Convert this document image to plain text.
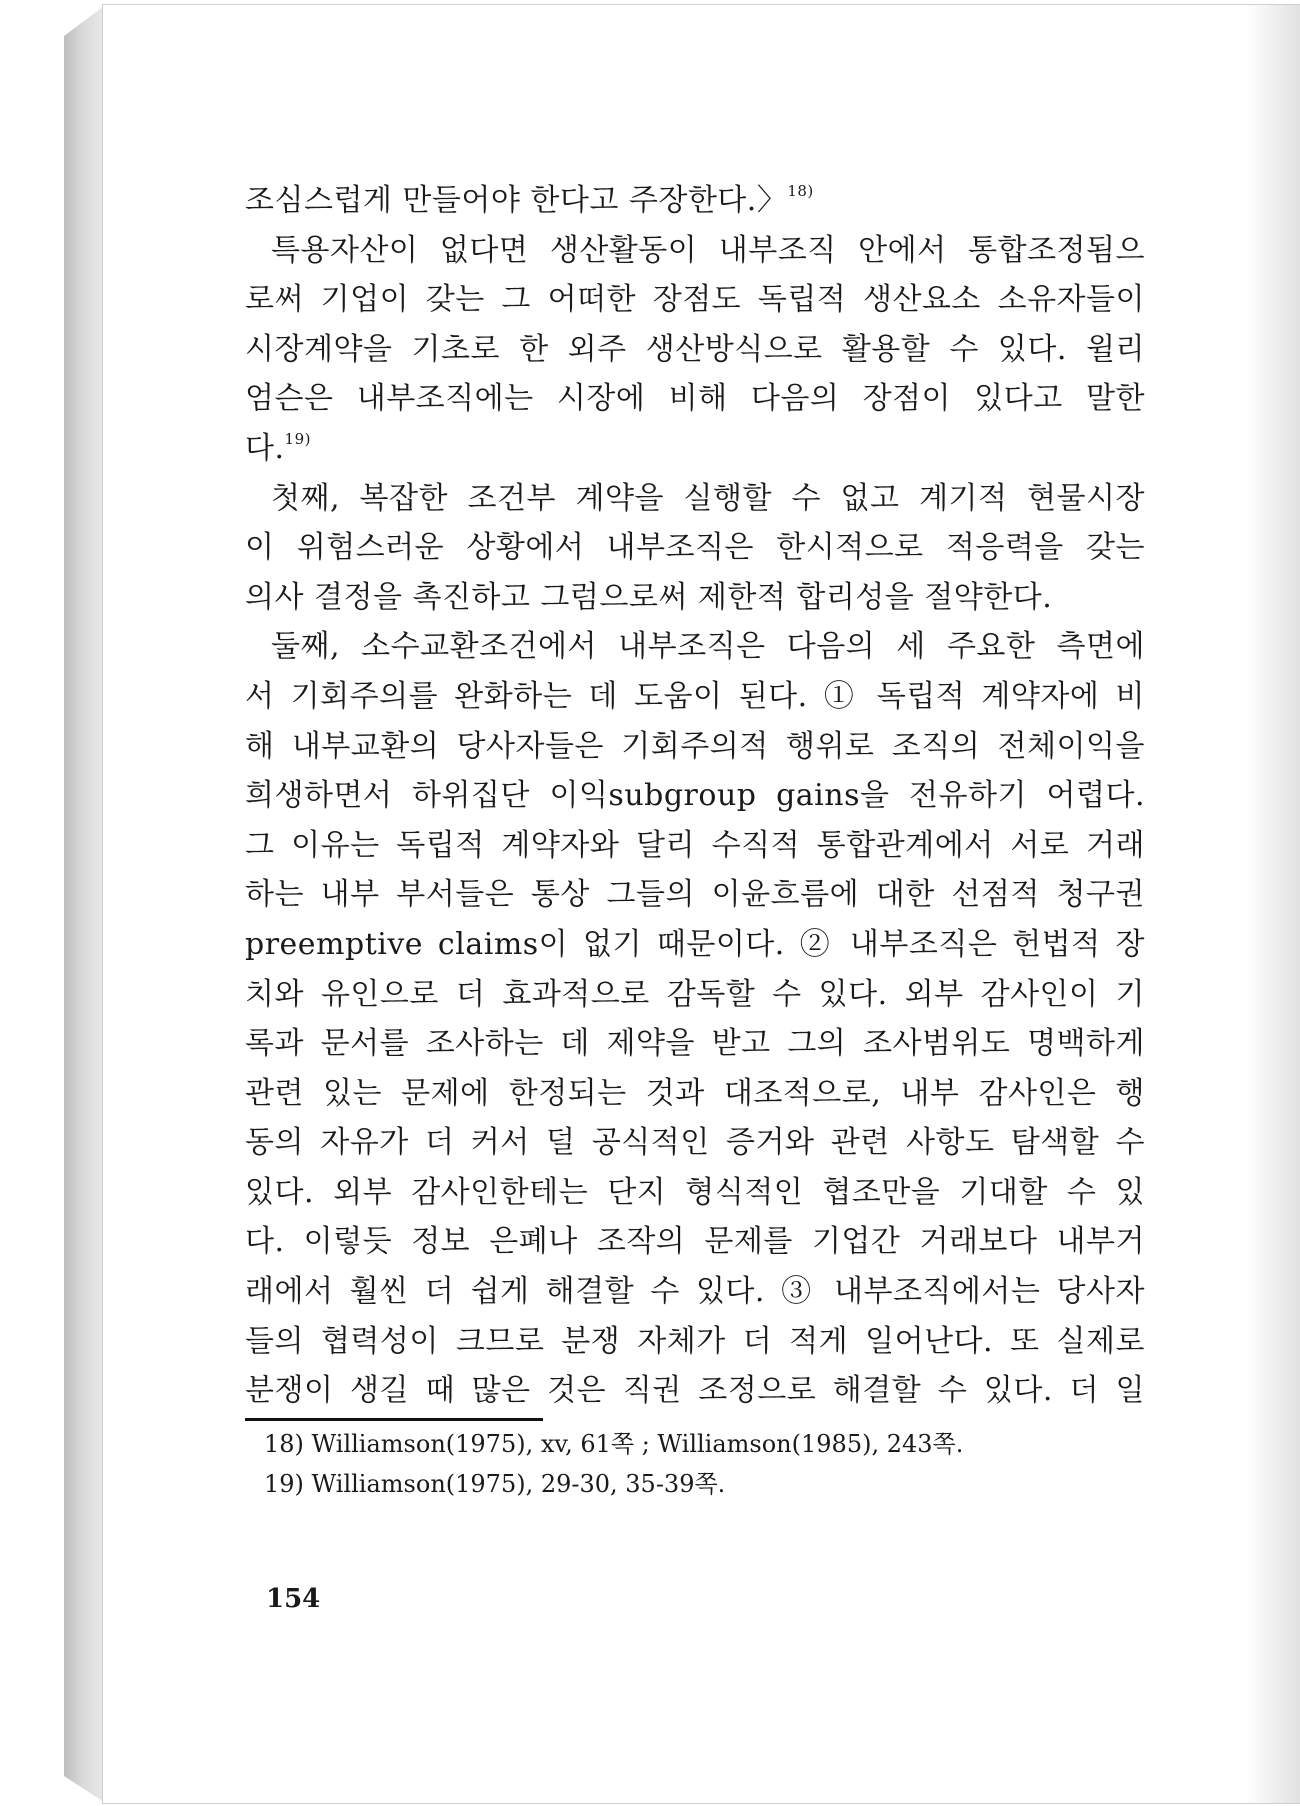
조심스럽게 만들어야 한다고 주장한다.〉$^{18)}$
특용자산이 없다면 생산활동이 내부조직 안에서 통합조정됨으
로써 기업이 갖는 그 어떠한 장점도 독립적 생산요소 소유자들이
시장계약을 기초로 한 외주 생산방식으로 활용할 수 있다. 윌리
엄슨은 내부조직에는 시장에 비해 다음의 장점이 있다고 말한
다.$^{19)}$
첫째, 복잡한 조건부 계약을 실행할 수 없고 계기적 현물시장
이 위험스러운 상황에서 내부조직은 한시적으로 적응력을 갖는
의사 결정을 촉진하고 그럼으로써 제한적 합리성을 절약한다.
둘째, 소수교환조건에서 내부조직은 다음의 세 주요한 측면에
서 기회주의를 완화하는 데 도움이 된다. ① 독립적 계약자에 비
해 내부교환의 당사자들은 기회주의적 행위로 조직의 전체이익을
희생하면서 하위집단 이익subgroup gains을 전유하기 어렵다.
그 이유는 독립적 계약자와 달리 수직적 통합관계에서 서로 거래
하는 내부 부서들은 통상 그들의 이윤흐름에 대한 선점적 청구권
preemptive claims이 없기 때문이다. ② 내부조직은 헌법적 장
치와 유인으로 더 효과적으로 감독할 수 있다. 외부 감사인이 기
록과 문서를 조사하는 데 제약을 받고 그의 조사범위도 명백하게
관련 있는 문제에 한정되는 것과 대조적으로, 내부 감사인은 행
동의 자유가 더 커서 덜 공식적인 증거와 관련 사항도 탐색할 수
있다. 외부 감사인한테는 단지 형식적인 협조만을 기대할 수 있
다. 이렇듯 정보 은폐나 조작의 문제를 기업간 거래보다 내부거
래에서 훨씬 더 쉽게 해결할 수 있다. ③ 내부조직에서는 당사자
들의 협력성이 크므로 분쟁 자체가 더 적게 일어난다. 또 실제로
분쟁이 생길 때 많은 것은 직권 조정으로 해결할 수 있다. 더 일
18) Williamson(1975), xv, 61쪽 ; Williamson(1985), 243쪽.
19) Williamson(1975), 29-30, 35-39쪽.
154
